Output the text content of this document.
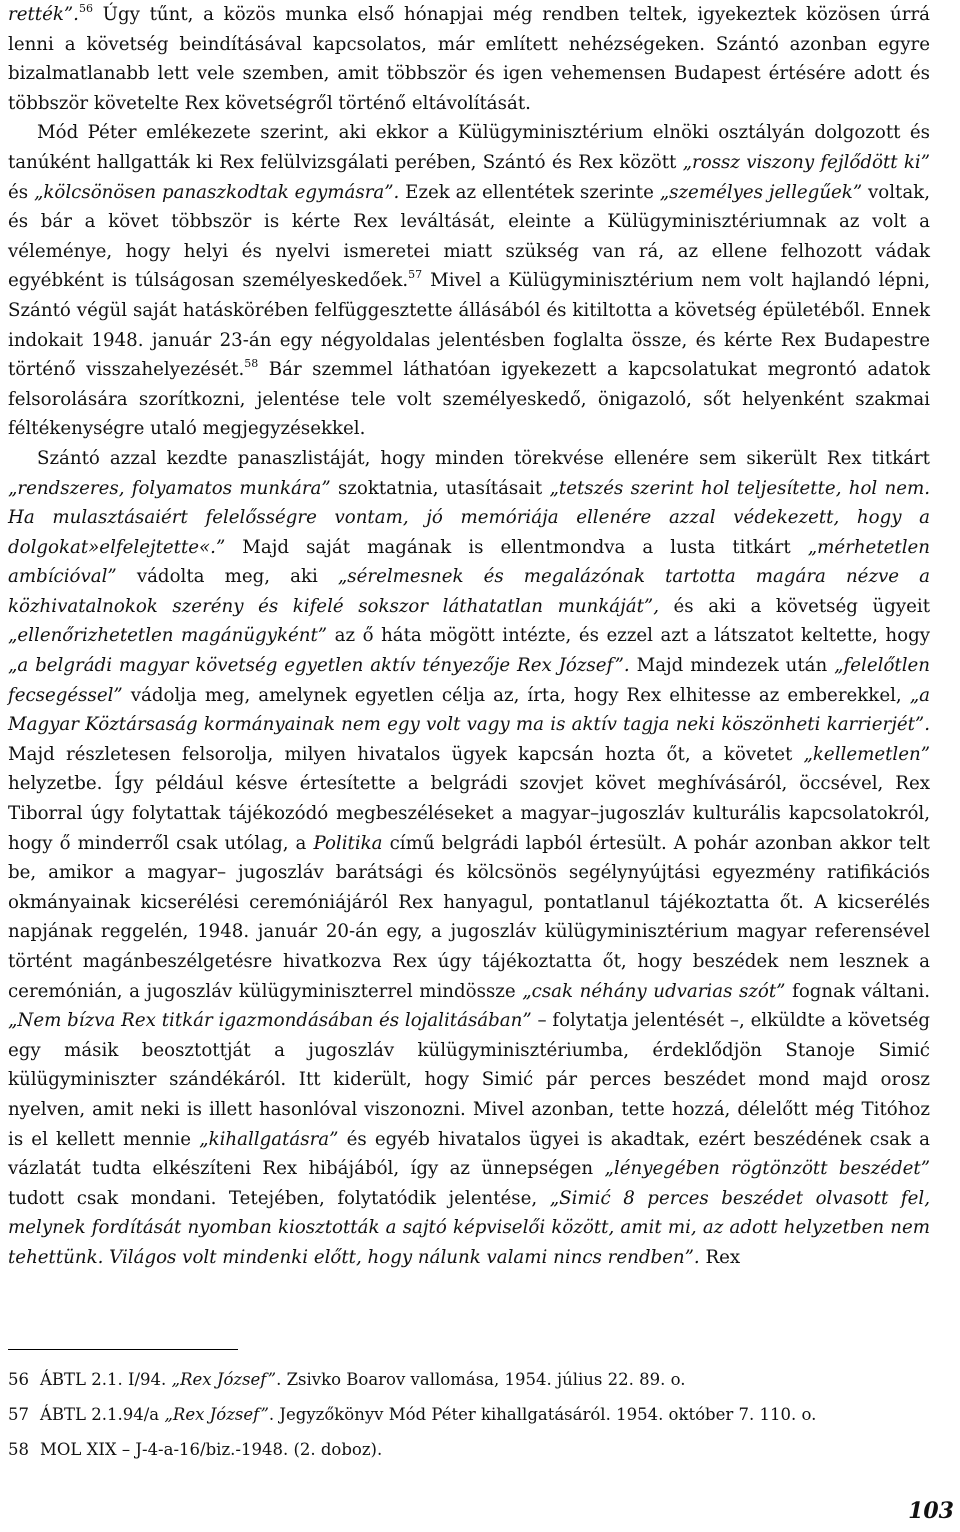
rették”.$^{56}$ Úgy tűnt, a közös munka első hónapjai még rendben teltek, igyekeztek közösen úrrá lenni a követség beindításával kapcsolatos, már említett nehézségeken. Szántó azonban egyre bizalmatlanabb lett vele szemben, amit többször és igen vehemensen Budapest értésére adott és többször követelte Rex követségről történő eltávolítását.

Mód Péter emlékezete szerint, aki ekkor a Külügyminisztérium elnöki osztályán dolgozott és tanúként hallgatták ki Rex felülvizsgálati perében, Szántó és Rex között „rossz viszony fejlődött ki” és „kölcsönösen panaszkodtak egymásra”. Ezek az ellentétek szerinte „személyes jellegűek” voltak, és bár a követ többször is kérte Rex leváltását, eleinte a Külügyminisztériumnak az volt a véleménye, hogy helyi és nyelvi ismeretei miatt szükség van rá, az ellene felhozott vádak egyébként is túlságosan személyeskedőek.$^{57}$ Mivel a Külügyminisztérium nem volt hajlandó lépni, Szántó végül saját hatáskörében felfüggesztette állásából és kitiltotta a követség épületéből. Ennek indokait 1948. január 23-án egy négyoldalas jelentésben foglalta össze, és kérte Rex Budapestre történő visszahelyezését.$^{58}$ Bár szemmel láthatóan igyekezett a kapcsolatukat megrontó adatok felsorolására szorítkozni, jelentése tele volt személyeskedő, önigazoló, sőt helyenként szakmai féltékenységre utaló megjegyzésekkel.

Szántó azzal kezdte panaszlistáját, hogy minden törekvése ellenére sem sikerült Rex titkárt „rendszeres, folyamatos munkára” szoktatnia, utasításait „tetszés szerint hol teljesítette, hol nem. Ha mulasztásaiért felelősségre vontam, jó memóriája ellenére azzal védekezett, hogy a dolgokat»elfelejtette«.” Majd saját magának is ellentmondva a lusta titkárt „mérhetetlen ambícióval” vádolta meg, aki „sérelmesnek és megalázónak tartotta magára nézve a közhivatalnokok szerény és kifelé sokszor láthatatlan munkáját”, és aki a követség ügyeit „ellenőrizhetetlen magánügyként” az ő háta mögött intézte, és ezzel azt a látszatot keltette, hogy „a belgrádi magyar követség egyetlen aktív tényezője Rex József”. Majd mindezek után „felelőtlen fecsegéssel” vádolja meg, amelynek egyetlen célja az, írta, hogy Rex elhitesse az emberekkel, „a Magyar Köztársaság kormányainak nem egy volt vagy ma is aktív tagja neki köszönheti karrierjét”. Majd részletesen felsorolja, milyen hivatalos ügyek kapcsán hozta őt, a követet „kellemetlen” helyzetbe. Így például késve értesítette a belgrádi szovjet követ meghívásáról, öccsével, Rex Tiborral úgy folytattak tájékozódó megbeszéléseket a magyar–jugoszláv kulturális kapcsolatokról, hogy ő minderről csak utólag, a Politika című belgrádi lapból értesült. A pohár azonban akkor telt be, amikor a magyar– jugoszláv barátsági és kölcsönös segélynyújtási egyezmény ratifikációs okmányainak kicserélési ceremóniájáról Rex hanyagul, pontatlanul tájékoztatta őt. A kicserélés napjának reggelén, 1948. január 20-án egy, a jugoszláv külügyminisztérium magyar referensével történt magánbeszélgetésre hivatkozva Rex úgy tájékoztatta őt, hogy beszédek nem lesznek a ceremónián, a jugoszláv külügyminiszterrel mindössze „csak néhány udvarias szót” fognak váltani. „Nem bízva Rex titkár igazmondásában és lojalitásában” – folytatja jelentését –, elküldte a követség egy másik beosztottját a jugoszláv külügyminisztériumba, érdeklődjön Stanoje Simić külügyminiszter szándékáról. Itt kiderült, hogy Simić pár perces beszédet mond majd orosz nyelven, amit neki is illett hasonlóval viszonozni. Mivel azonban, tette hozzá, délelőtt még Titóhoz is el kellett mennie „kihallgatásra” és egyéb hivatalos ügyei is akadtak, ezért beszédének csak a vázlatát tudta elkészíteni Rex hibájából, így az ünnepségen „lényegében rögtönzött beszédet” tudott csak mondani. Tetejében, folytatódik jelentése, „Simić 8 perces beszédet olvasott fel, melynek fordítását nyomban kiosztották a sajtó képviselői között, amit mi, az adott helyzetben nem tehettünk. Világos volt mindenki előtt, hogy nálunk valami nincs rendben”. Rex

56 ÁBTL 2.1. I/94. „Rex József”. Zsivko Boarov vallomása, 1954. július 22. 89. o.
57 ÁBTL 2.1.94/a „Rex József”. Jegyzőkönyv Mód Péter kihallgatásáról. 1954. október 7. 110. o.
58 MOL XIX – J-4-a-16/biz.-1948. (2. doboz).
103
